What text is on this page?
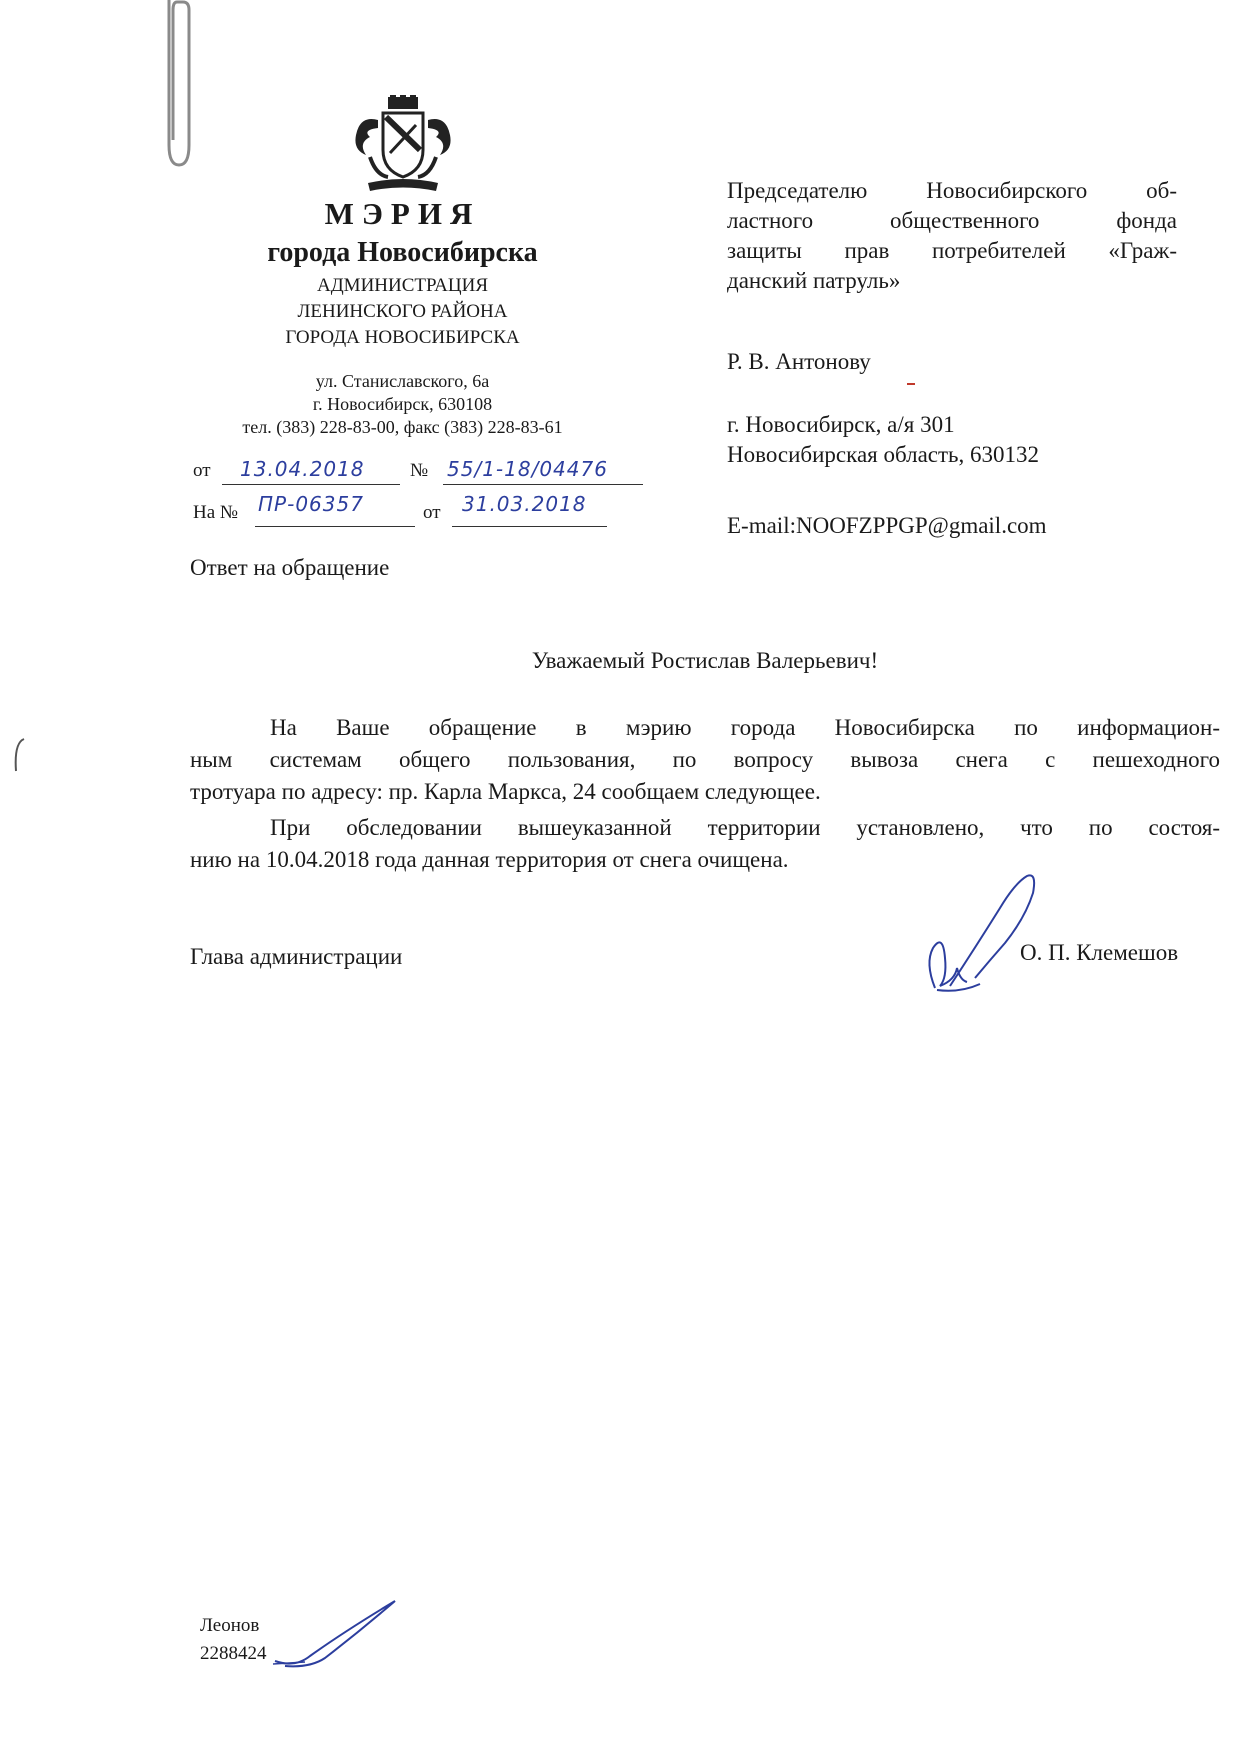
МЭРИЯ
города Новосибирска
АДМИНИСТРАЦИЯ
ЛЕНИНСКОГО РАЙОНА
ГОРОДА НОВОСИБИРСКА
ул. Станиславского, 6а
г. Новосибирск, 630108
тел. (383) 228-83-00, факс (383) 228-83-61
от 13.04.2018 № 55/1-18/04476
На № ПР-06357	от 31.03.2018
Председателю Новосибирского об-
ластного общественного фонда
защиты прав потребителей «Граж-
данский патруль»
Р. В. Антонову
г. Новосибирск, а/я 301
Новосибирская область, 630132
E-mail:NOOFZPPGP@gmail.com
Ответ на обращение
Уважаемый Ростислав Валерьевич!
На Ваше обращение в мэрию города Новосибирска по информацион-
ным системам общего пользования, по вопросу вывоза снега с пешеходного
тротуара по адресу: пр. Карла Маркса, 24 сообщаем следующее.
При обследовании вышеуказанной территории установлено, что по состоя-
нию на 10.04.2018 года данная территория от снега очищена.
Глава администрации	О. П. Клемешов
Леонов
2288424
